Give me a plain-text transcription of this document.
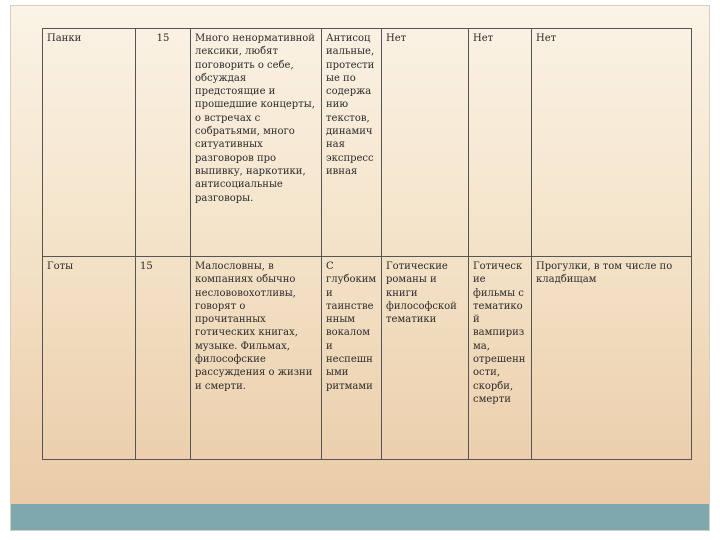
Панки	15	Много ненормативной лексики, любят поговорить о себе, обсуждая предстоящие и прошедшие концерты, о встречах с собратьями, много ситуативных разговоров про выпивку, наркотики, антисоциальные разговоры.	Антисоц иальные, протести ые по содержа нию текстов, динамич ная экспресс ивная	Нет	Нет	Нет
Готы	15	Малословны, в компаниях обычно неслововохотливы, говорят о прочитанных готических книгах, музыке. Фильмах, философские рассуждения о жизни и смерти.	С глубоким и таинстве нным вокалом и неспешн ыми ритмами	Готические романы и книги философской тематики	Готическ ие фильмы с тематико й вампириз ма, отрешенн ости, скорби, смерти	Прогулки, в том числе по кладбищам
